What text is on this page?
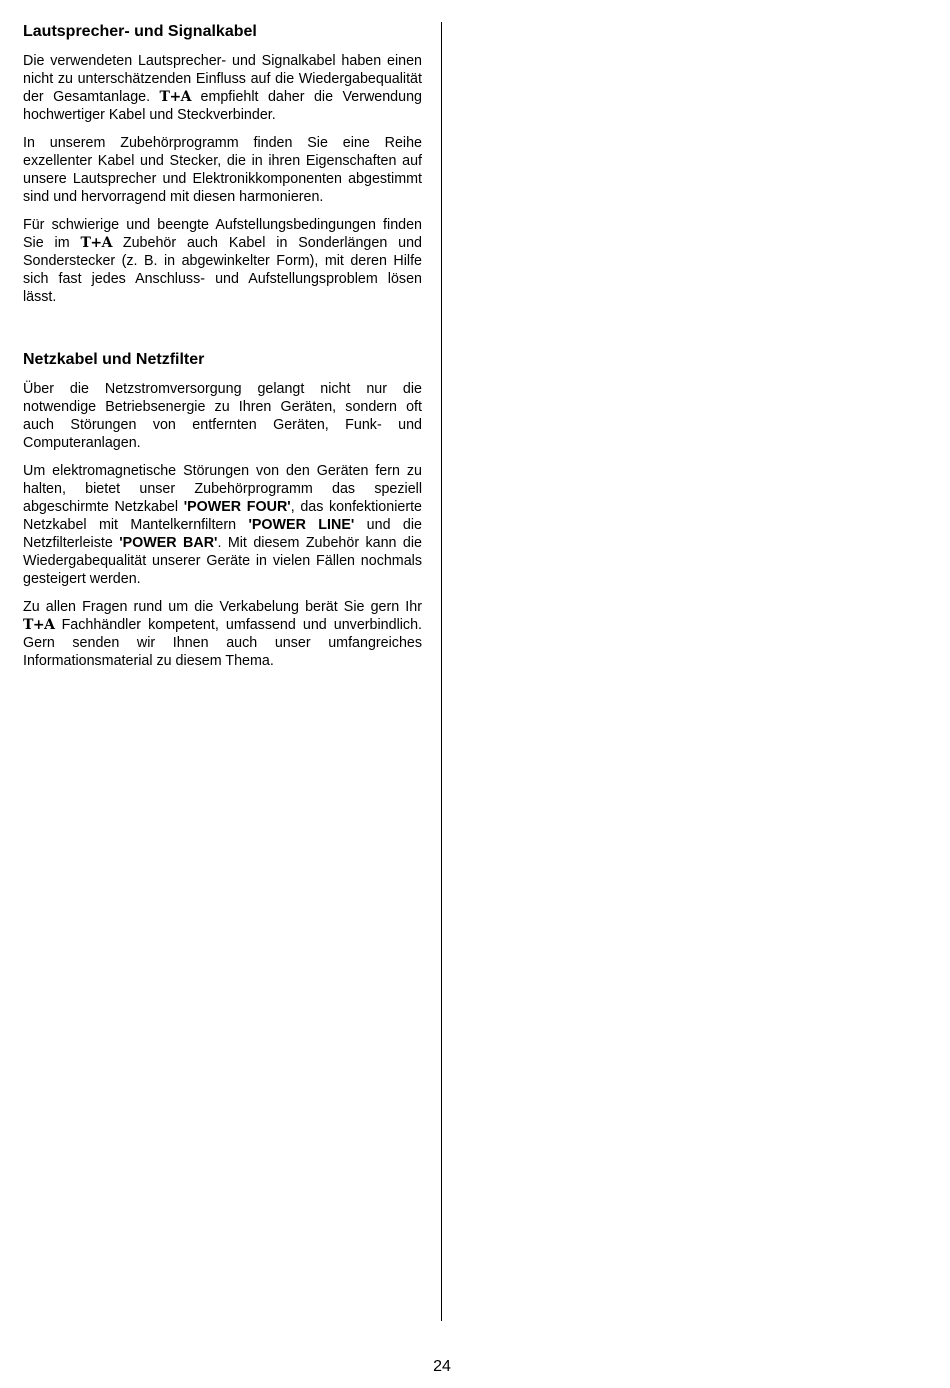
Lautsprecher- und Signalkabel

Die verwendeten Lautsprecher- und Signalkabel haben einen nicht zu unterschätzenden Einfluss auf die Wiedergabequalität der Gesamtanlage. T+A empfiehlt daher die Verwendung hochwertiger Kabel und Steckverbinder.

In unserem Zubehörprogramm finden Sie eine Reihe exzellenter Kabel und Stecker, die in ihren Eigenschaften auf unsere Lautsprecher und Elektronikkomponenten abgestimmt sind und hervorragend mit diesen harmonieren.

Für schwierige und beengte Aufstellungsbedingungen finden Sie im T+A Zubehör auch Kabel in Sonderlängen und Sonderstecker (z. B. in abgewinkelter Form), mit deren Hilfe sich fast jedes Anschluss- und Aufstellungsproblem lösen lässt.

Netzkabel und Netzfilter

Über die Netzstromversorgung gelangt nicht nur die notwendige Betriebsenergie zu Ihren Geräten, sondern oft auch Störungen von entfernten Geräten, Funk- und Computeranlagen.

Um elektromagnetische Störungen von den Geräten fern zu halten, bietet unser Zubehörprogramm das speziell abgeschirmte Netzkabel 'POWER FOUR', das konfektionierte Netzkabel mit Mantelkernfiltern 'POWER LINE' und die Netzfilterleiste 'POWER BAR'. Mit diesem Zubehör kann die Wiedergabequalität unserer Geräte in vielen Fällen nochmals gesteigert werden.

Zu allen Fragen rund um die Verkabelung berät Sie gern Ihr T+A Fachhändler kompetent, umfassend und unverbindlich. Gern senden wir Ihnen auch unser umfangreiches Informationsmaterial zu diesem Thema.

24
